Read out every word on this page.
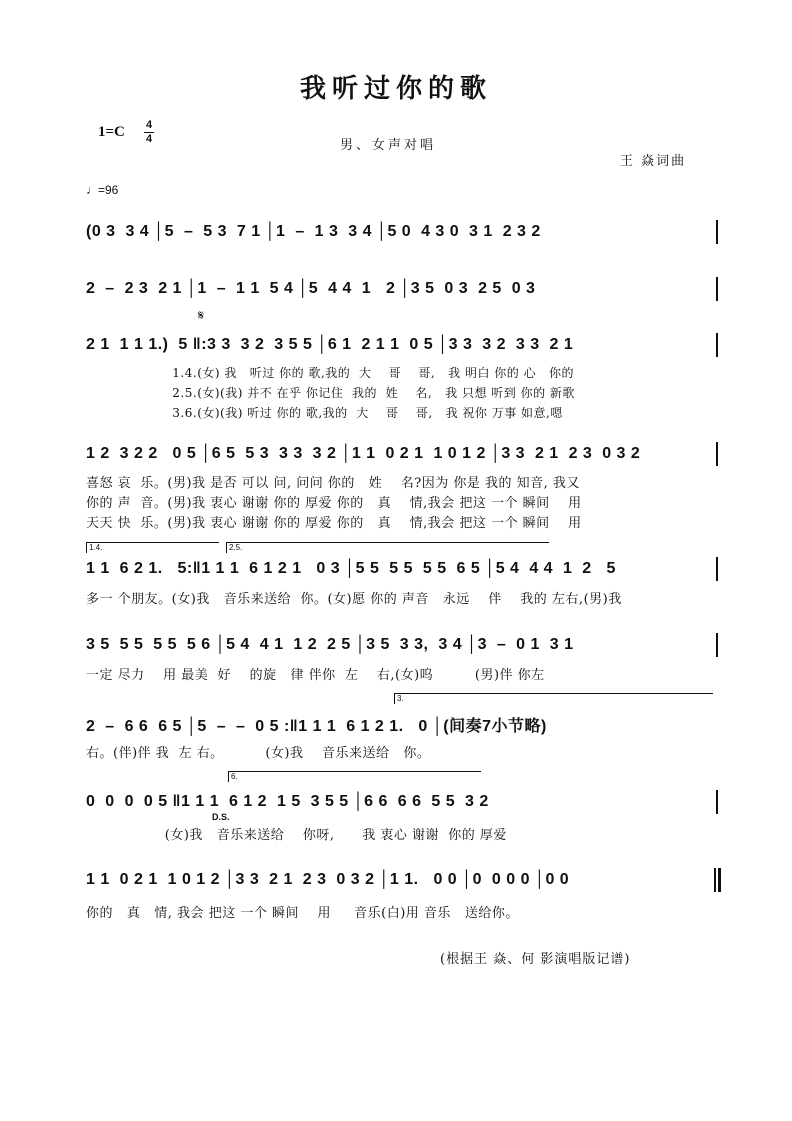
我听过你的歌
1=C 4
4	男、女声对唱
王 焱词曲
♩=96
(0 3  3 4 │5  –  5 3  7 1 │1  –  1 3  3 4 │5 0  4 3 0  3 1  2 3 2
2  –  2 3  2 1 │1  –  1 1  5 4 │5  4 4  1   2 │3 5  0 3  2 5  0 3
𝄋
2 1  1 1 1.)  5 ‖:3 3  3 2  3 5 5 │6 1  2 1 1  0 5 │3 3  3 2  3 3  2 1
1.4.(女) 我   听过 你的 歌,我的  大    哥    哥,   我 明白 你的 心   你的
2.5.(女)(我) 并不 在乎 你记住  我的  姓    名,   我 只想 听到 你的 新歌
3.6.(女)(我) 听过 你的 歌,我的  大    哥    哥,   我 祝你 万事 如意,嗯
1 2  3 2 2   0 5 │6 5  5 3  3 3  3 2 │1 1  0 2 1  1 0 1 2 │3 3  2 1  2 3  0 3 2
喜怒 哀  乐。(男)我 是否 可以 问, 问问 你的   姓    名?因为 你是 我的 知音, 我又
你的 声  音。(男)我 衷心 谢谢 你的 厚爱 你的   真    情,我会 把这 一个 瞬间    用
天天 快  乐。(男)我 衷心 谢谢 你的 厚爱 你的   真    情,我会 把这 一个 瞬间    用
1.4.	2.5.
1 1  6 2 1.   5:‖1 1 1  6 1 2 1   0 3 │5 5  5 5  5 5  6 5 │5 4  4 4  1  2   5
多一 个朋友。(女)我   音乐来送给  你。(女)愿 你的 声音   永远    伴    我的 左右,(男)我
3 5  5 5  5 5  5 6 │5 4  4 1  1 2  2 5 │3 5  3 3,  3 4 │3  –  0 1  3 1
一定 尽力    用 最美  好    的旋   律 伴你  左    右,(女)呜         (男)伴 你左
3.
2  –  6 6  6 5 │5  –  –  0 5 :‖1 1 1  6 1 2 1.   0 │(间奏7小节略)
右。(伴)伴 我  左 右。         (女)我    音乐来送给   你。
6.
D.S.
0  0  0  0 5 ‖1 1 1  6 1 2  1 5  3 5 5 │6 6  6 6  5 5  3 2
(女)我   音乐来送给    你呀,      我 衷心 谢谢  你的 厚爱
1 1  0 2 1  1 0 1 2 │3 3  2 1  2 3  0 3 2 │1 1.   0 0 │0  0 0 0 │0 0
你的   真   情, 我会 把这 一个 瞬间    用     音乐(白)用 音乐   送给你。
(根据王 焱、何 影演唱版记谱)
